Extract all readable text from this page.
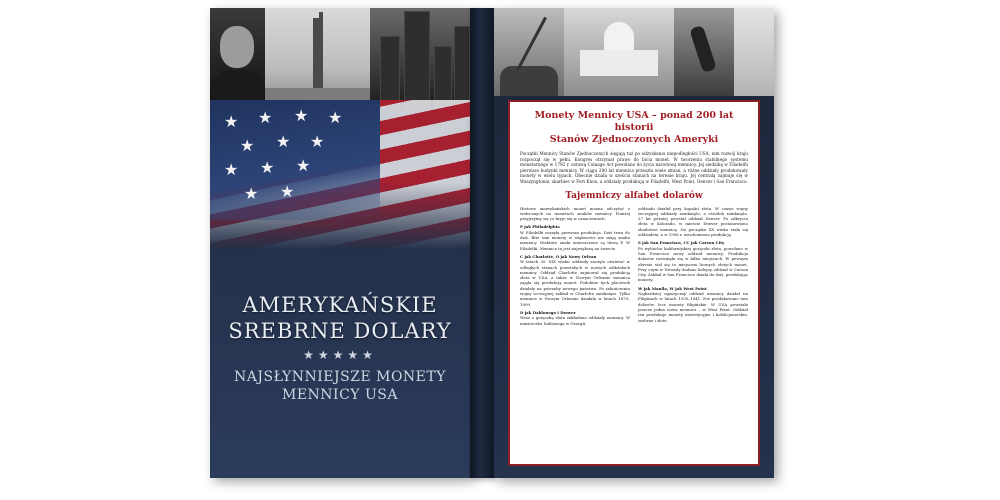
★ ★ ★ ★
★ ★ ★
★ ★ ★
★ ★
AMERYKAŃSKIE
SREBRNE DOLARY
★★★★★
NAJSŁYNNIEJSZE MONETY
MENNICY USA
Monety Mennicy USA – ponad 200 lat historii
Stanów Zjednoczonych Ameryki

Początki Mennicy Stanów Zjednoczonych sięgają tuż po odzyskaniu niepodległości USA, nim rozwój kraju rozpoczął się w pełni. Kongres otrzymał prawo do bicia monet. W tworzeniu stabilnego systemu monetarnego w 1792 r. ustawą Coinage Act powołano do życia narodową mennicę. Jej siedzibą w Filadelfii pierwsze budynki mennicy. W ciągu 200 lat mennica przeszła wiele zmian, a różne oddziały produkowały monety w wielu typach. Obecnie działa w sześciu stanach na terenie kraju. Jej centralą zajmuje się w Waszyngtonie, skarbiec w Fort Knox, a oddziały produkują w Filadelfii, West Point, Denver i San Francisco.

Tajemniczy alfabet dolarów

Historie amerykańskich monet można odczytać z widocznych na monetach znaków mennicy. Poniżej przyjrzymy się co kryje się w oznaczeniach.

P jak Philadelphia
W Filadelfii ruszyła pierwsza produkcja. Dziś trwa do dziś. Bite tam monety w większości nie mają znaku mennicy. Niektóre znaki umieszczone są literą P. W Filadelfii. Mennica ta jest największą na świecie.

C jak Charlotte, O jak Nowy Orlean
W latach 30. XIX wieku oddziały zaczęto otwierać w odległych stanach powstałych w nowych oddziałach mennicy. Oddział Charlotte zajmował się produkcją złota w USA, a także w Nowym Orleanie mennica zajęła się produkcją monet. Podobnie tych placówek działały na potrzeby nowego państwa. Po zakończeniu wojny secesyjnej zakład w Charlotte zamknięto. Tylko mennica w Nowym Orleanie działała w latach 1879–1909.

D jak Dahlonega i Denver
Wraz z gorączką złota zakładano oddziały mennicy. W miasteczku Dahlonega w Georgii,

oddziału działał przy kopalni złota. W czasie wojny secesyjnej oddziały zamknięto, a ośrodek zamknięto. 27 lat później powstał oddział Denver. Po odkryciu złota w Kolorado, w mieście Denver postanowiono zbudować mennicę. Na początku XX wieku stała się oddziałem, a w 1906 r. uruchomiono produkcję.

S jak San Francisco, CC jak Carson City
Po wybuchu kalifornijskiej gorączki złota, powołano w San Francisco nowy oddział mennicy. Produkcja dolarów rozwinęła się w kilku miejscach. W pewnym okresie stał się to miejscem licznych złotych monet. Przy czym w Newady dodano kolejny oddział w Carson City. Zakład w San Francisco działa do dziś, produkując monety.

W jak Manila, W jak West Point
Najbardziej egzotyczny oddział mennicy działał na Filipinach w latach 1920–1941. Nie produkowano tam dolarów, lecz monety filipińskie. W USA powstała jeszcze jedna nowa mennica – w West Point. Oddział ten produkuje monety inwestycyjne i kolekcjonerskie, srebrne i złote.
